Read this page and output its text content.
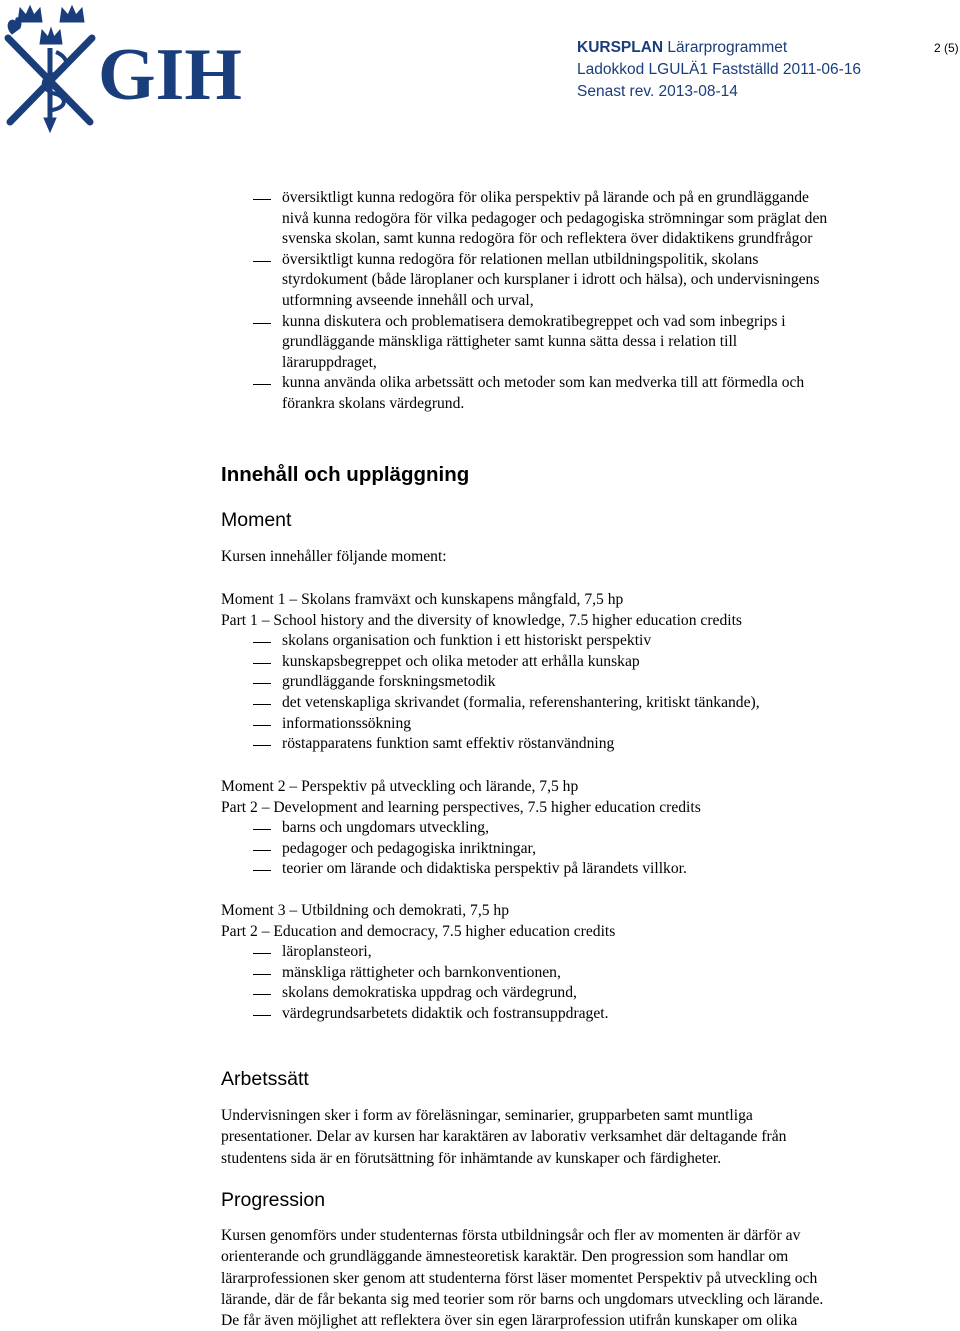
GIH	KURSPLAN Lärarprogrammet
Ladokkod LGULÄ1 Fastställd 2011-06-16
Senast rev. 2013-08-14
2 (5)
översiktligt kunna redogöra för olika perspektiv på lärande och på en grundläggande
nivå kunna redogöra för vilka pedagoger och pedagogiska strömningar som präglat den
svenska skolan, samt kunna redogöra för och reflektera över didaktikens grundfrågor
översiktligt kunna redogöra för relationen mellan utbildningspolitik, skolans
styrdokument (både läroplaner och kursplaner i idrott och hälsa), och undervisningens
utformning avseende innehåll och urval,
kunna diskutera och problematisera demokratibegreppet och vad som inbegrips i
grundläggande mänskliga rättigheter samt kunna sätta dessa i relation till
läraruppdraget,
kunna använda olika arbetssätt och metoder som kan medverka till att förmedla och
förankra skolans värdegrund.
Innehåll och uppläggning
Moment
Kursen innehåller följande moment:
Moment 1 – Skolans framväxt och kunskapens mångfald, 7,5 hp
Part 1 – School history and the diversity of knowledge, 7.5 higher education credits
skolans organisation och funktion i ett historiskt perspektiv
kunskapsbegreppet och olika metoder att erhålla kunskap
grundläggande forskningsmetodik
det vetenskapliga skrivandet (formalia, referenshantering, kritiskt tänkande),
informationssökning
röstapparatens funktion samt effektiv röstanvändning
Moment 2 – Perspektiv på utveckling och lärande, 7,5 hp
Part 2 – Development and learning perspectives, 7.5 higher education credits
barns och ungdomars utveckling,
pedagoger och pedagogiska inriktningar,
teorier om lärande och didaktiska perspektiv på lärandets villkor.
Moment 3 – Utbildning och demokrati, 7,5 hp
Part 2 – Education and democracy, 7.5 higher education credits
läroplansteori,
mänskliga rättigheter och barnkonventionen,
skolans demokratiska uppdrag och värdegrund,
värdegrundsarbetets didaktik och fostransuppdraget.
Arbetssätt
Undervisningen sker i form av föreläsningar, seminarier, grupparbeten samt muntliga
presentationer. Delar av kursen har karaktären av laborativ verksamhet där deltagande från
studentens sida är en förutsättning för inhämtande av kunskaper och färdigheter.
Progression
Kursen genomförs under studenternas första utbildningsår och fler av momenten är därför av
orienterande och grundläggande ämnesteoretisk karaktär. Den progression som handlar om
lärarprofessionen sker genom att studenterna först läser momentet Perspektiv på utveckling och
lärande, där de får bekanta sig med teorier som rör barns och ungdomars utveckling och lärande.
De får även möjlighet att reflektera över sin egen lärarprofession utifrån kunskaper om olika
